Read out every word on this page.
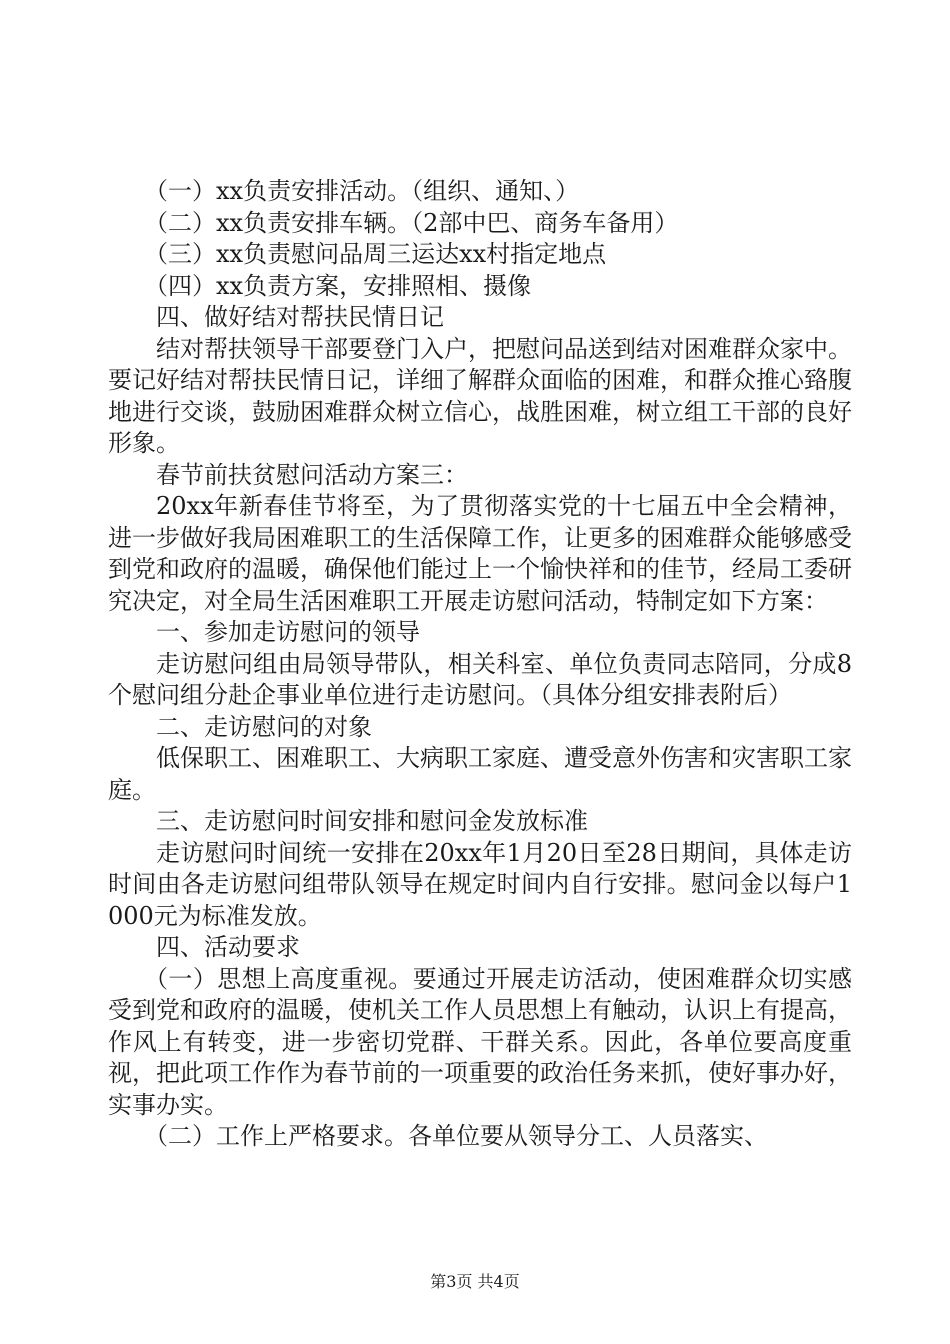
（一）xx负责安排活动。（组织、通知、）

（二）xx负责安排车辆。（2部中巴、商务车备用）

（三）xx负责慰问品周三运达xx村指定地点

（四）xx负责方案，安排照相、摄像

四、做好结对帮扶民情日记

结对帮扶领导干部要登门入户，把慰问品送到结对困难群众家中。要记好结对帮扶民情日记，详细了解群众面临的困难，和群众推心臵腹地进行交谈，鼓励困难群众树立信心，战胜困难，树立组工干部的良好形象。

春节前扶贫慰问活动方案三：

20xx年新春佳节将至，为了贯彻落实党的十七届五中全会精神，进一步做好我局困难职工的生活保障工作，让更多的困难群众能够感受到党和政府的温暖，确保他们能过上一个愉快祥和的佳节，经局工委研究决定，对全局生活困难职工开展走访慰问活动，特制定如下方案：

一、参加走访慰问的领导

走访慰问组由局领导带队，相关科室、单位负责同志陪同，分成8个慰问组分赴企事业单位进行走访慰问。（具体分组安排表附后）

二、走访慰问的对象

低保职工、困难职工、大病职工家庭、遭受意外伤害和灾害职工家庭。

三、走访慰问时间安排和慰问金发放标准

走访慰问时间统一安排在20xx年1月20日至28日期间，具体走访时间由各走访慰问组带队领导在规定时间内自行安排。慰问金以每户1000元为标准发放。

四、活动要求

（一）思想上高度重视。要通过开展走访活动，使困难群众切实感受到党和政府的温暖，使机关工作人员思想上有触动，认识上有提高，作风上有转变，进一步密切党群、干群关系。因此，各单位要高度重视，把此项工作作为春节前的一项重要的政治任务来抓，使好事办好，实事办实。

（二）工作上严格要求。各单位要从领导分工、人员落实、

第3页 共4页
